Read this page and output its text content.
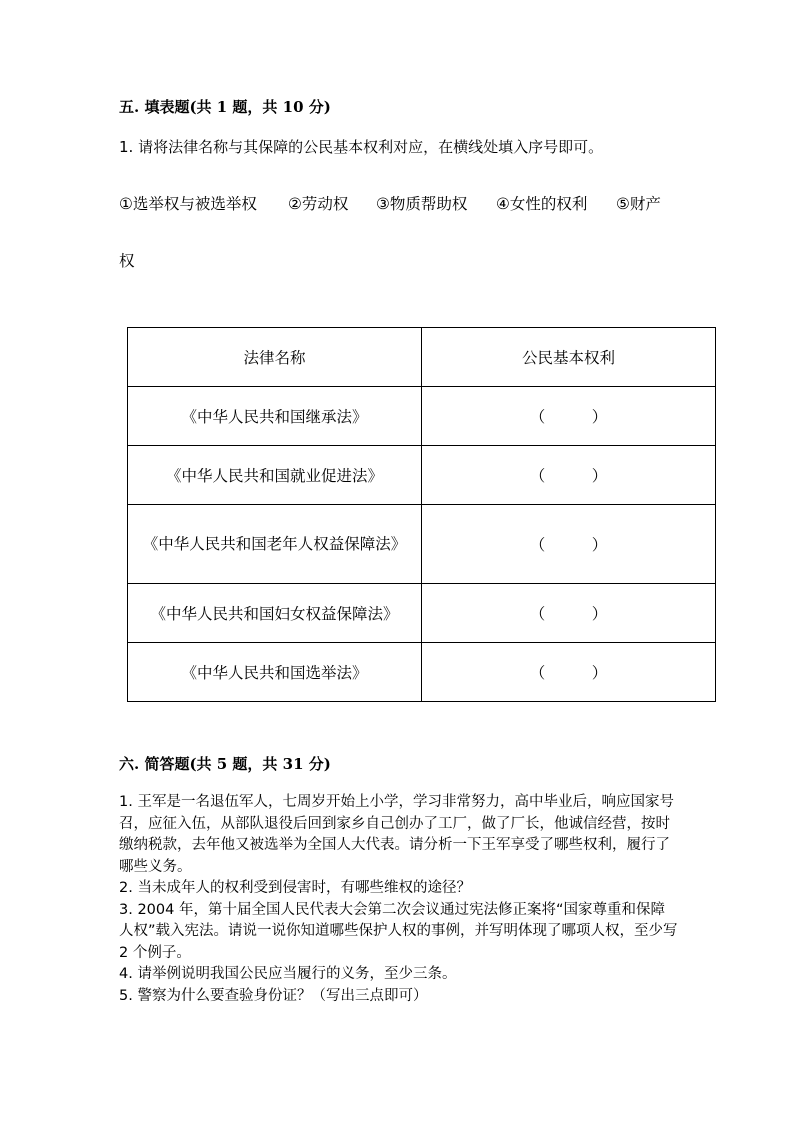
五. 填表题(共 1 题，共 10 分)
1. 请将法律名称与其保障的公民基本权利对应，在横线处填入序号即可。
①选举权与被选举权 ②劳动权 ③物质帮助权 ④女性的权利 ⑤财产
权
法律名称	公民基本权利
《中华人民共和国继承法》	（　　　）
《中华人民共和国就业促进法》	（　　　）
《中华人民共和国老年人权益保障法》	（　　　）
《中华人民共和国妇女权益保障法》	（　　　）
《中华人民共和国选举法》	（　　　）
六. 简答题(共 5 题，共 31 分)
1. 王军是一名退伍军人，七周岁开始上小学，学习非常努力，高中毕业后，响应国家号召，应征入伍，从部队退役后回到家乡自己创办了工厂，做了厂长，他诚信经营，按时缴纳税款，去年他又被选举为全国人大代表。请分析一下王军享受了哪些权利，履行了哪些义务。
2. 当未成年人的权利受到侵害时，有哪些维权的途径？
3. 2004 年，第十届全国人民代表大会第二次会议通过宪法修正案将“国家尊重和保障人权”载入宪法。请说一说你知道哪些保护人权的事例，并写明体现了哪项人权，至少写 2 个例子。
4. 请举例说明我国公民应当履行的义务，至少三条。
5. 警察为什么要查验身份证？（写出三点即可）
